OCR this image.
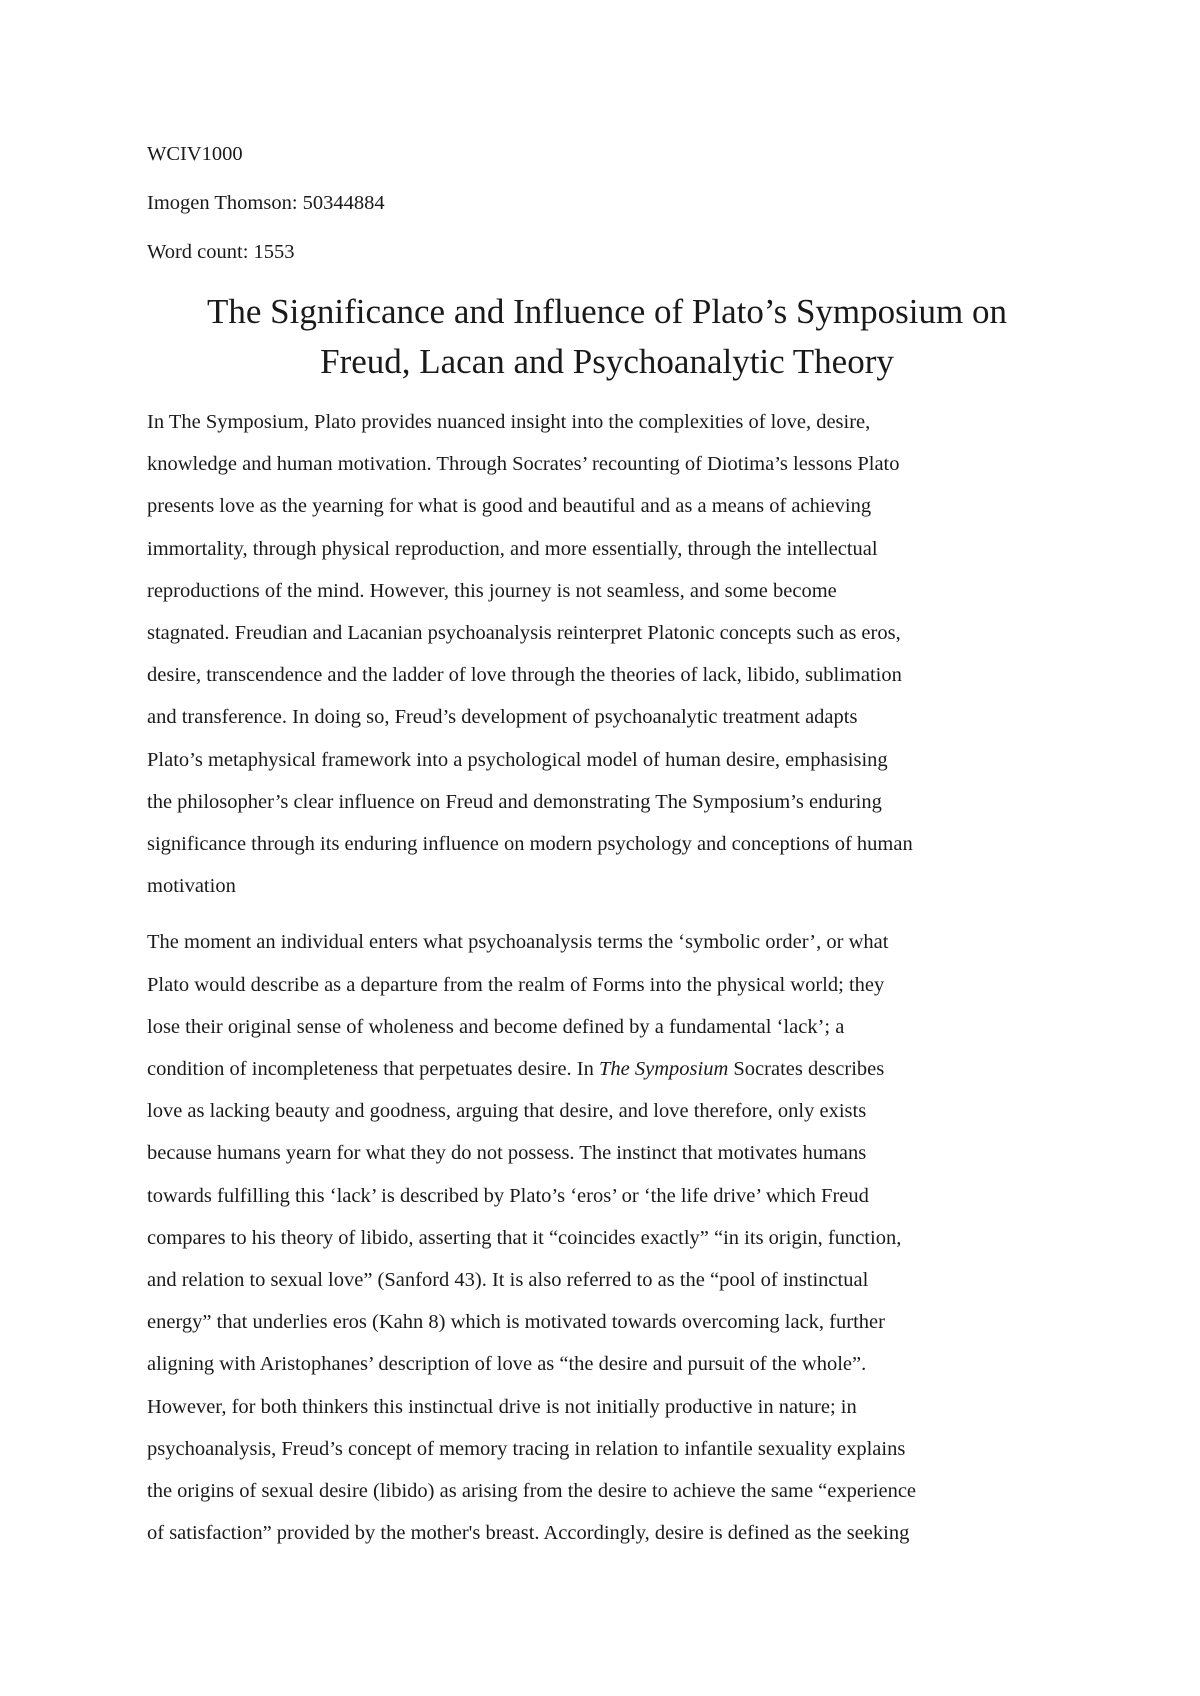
WCIV1000
Imogen Thomson: 50344884
Word count: 1553
The Significance and Influence of Plato’s Symposium on
Freud, Lacan and Psychoanalytic Theory

In The Symposium, Plato provides nuanced insight into the complexities of love, desire,
knowledge and human motivation. Through Socrates’ recounting of Diotima’s lessons Plato
presents love as the yearning for what is good and beautiful and as a means of achieving
immortality, through physical reproduction, and more essentially, through the intellectual
reproductions of the mind. However, this journey is not seamless, and some become
stagnated. Freudian and Lacanian psychoanalysis reinterpret Platonic concepts such as eros,
desire, transcendence and the ladder of love through the theories of lack, libido, sublimation
and transference. In doing so, Freud’s development of psychoanalytic treatment adapts
Plato’s metaphysical framework into a psychological model of human desire, emphasising
the philosopher’s clear influence on Freud and demonstrating The Symposium’s enduring
significance through its enduring influence on modern psychology and conceptions of human
motivation

The moment an individual enters what psychoanalysis terms the ‘symbolic order’, or what
Plato would describe as a departure from the realm of Forms into the physical world; they
lose their original sense of wholeness and become defined by a fundamental ‘lack’; a
condition of incompleteness that perpetuates desire. In The Symposium Socrates describes
love as lacking beauty and goodness, arguing that desire, and love therefore, only exists
because humans yearn for what they do not possess. The instinct that motivates humans
towards fulfilling this ‘lack’ is described by Plato’s ‘eros’ or ‘the life drive’ which Freud
compares to his theory of libido, asserting that it “coincides exactly” “in its origin, function,
and relation to sexual love” (Sanford 43). It is also referred to as the “pool of instinctual
energy” that underlies eros (Kahn 8) which is motivated towards overcoming lack, further
aligning with Aristophanes’ description of love as “the desire and pursuit of the whole”.
However, for both thinkers this instinctual drive is not initially productive in nature; in
psychoanalysis, Freud’s concept of memory tracing in relation to infantile sexuality explains
the origins of sexual desire (libido) as arising from the desire to achieve the same “experience
of satisfaction” provided by the mother's breast. Accordingly, desire is defined as the seeking
